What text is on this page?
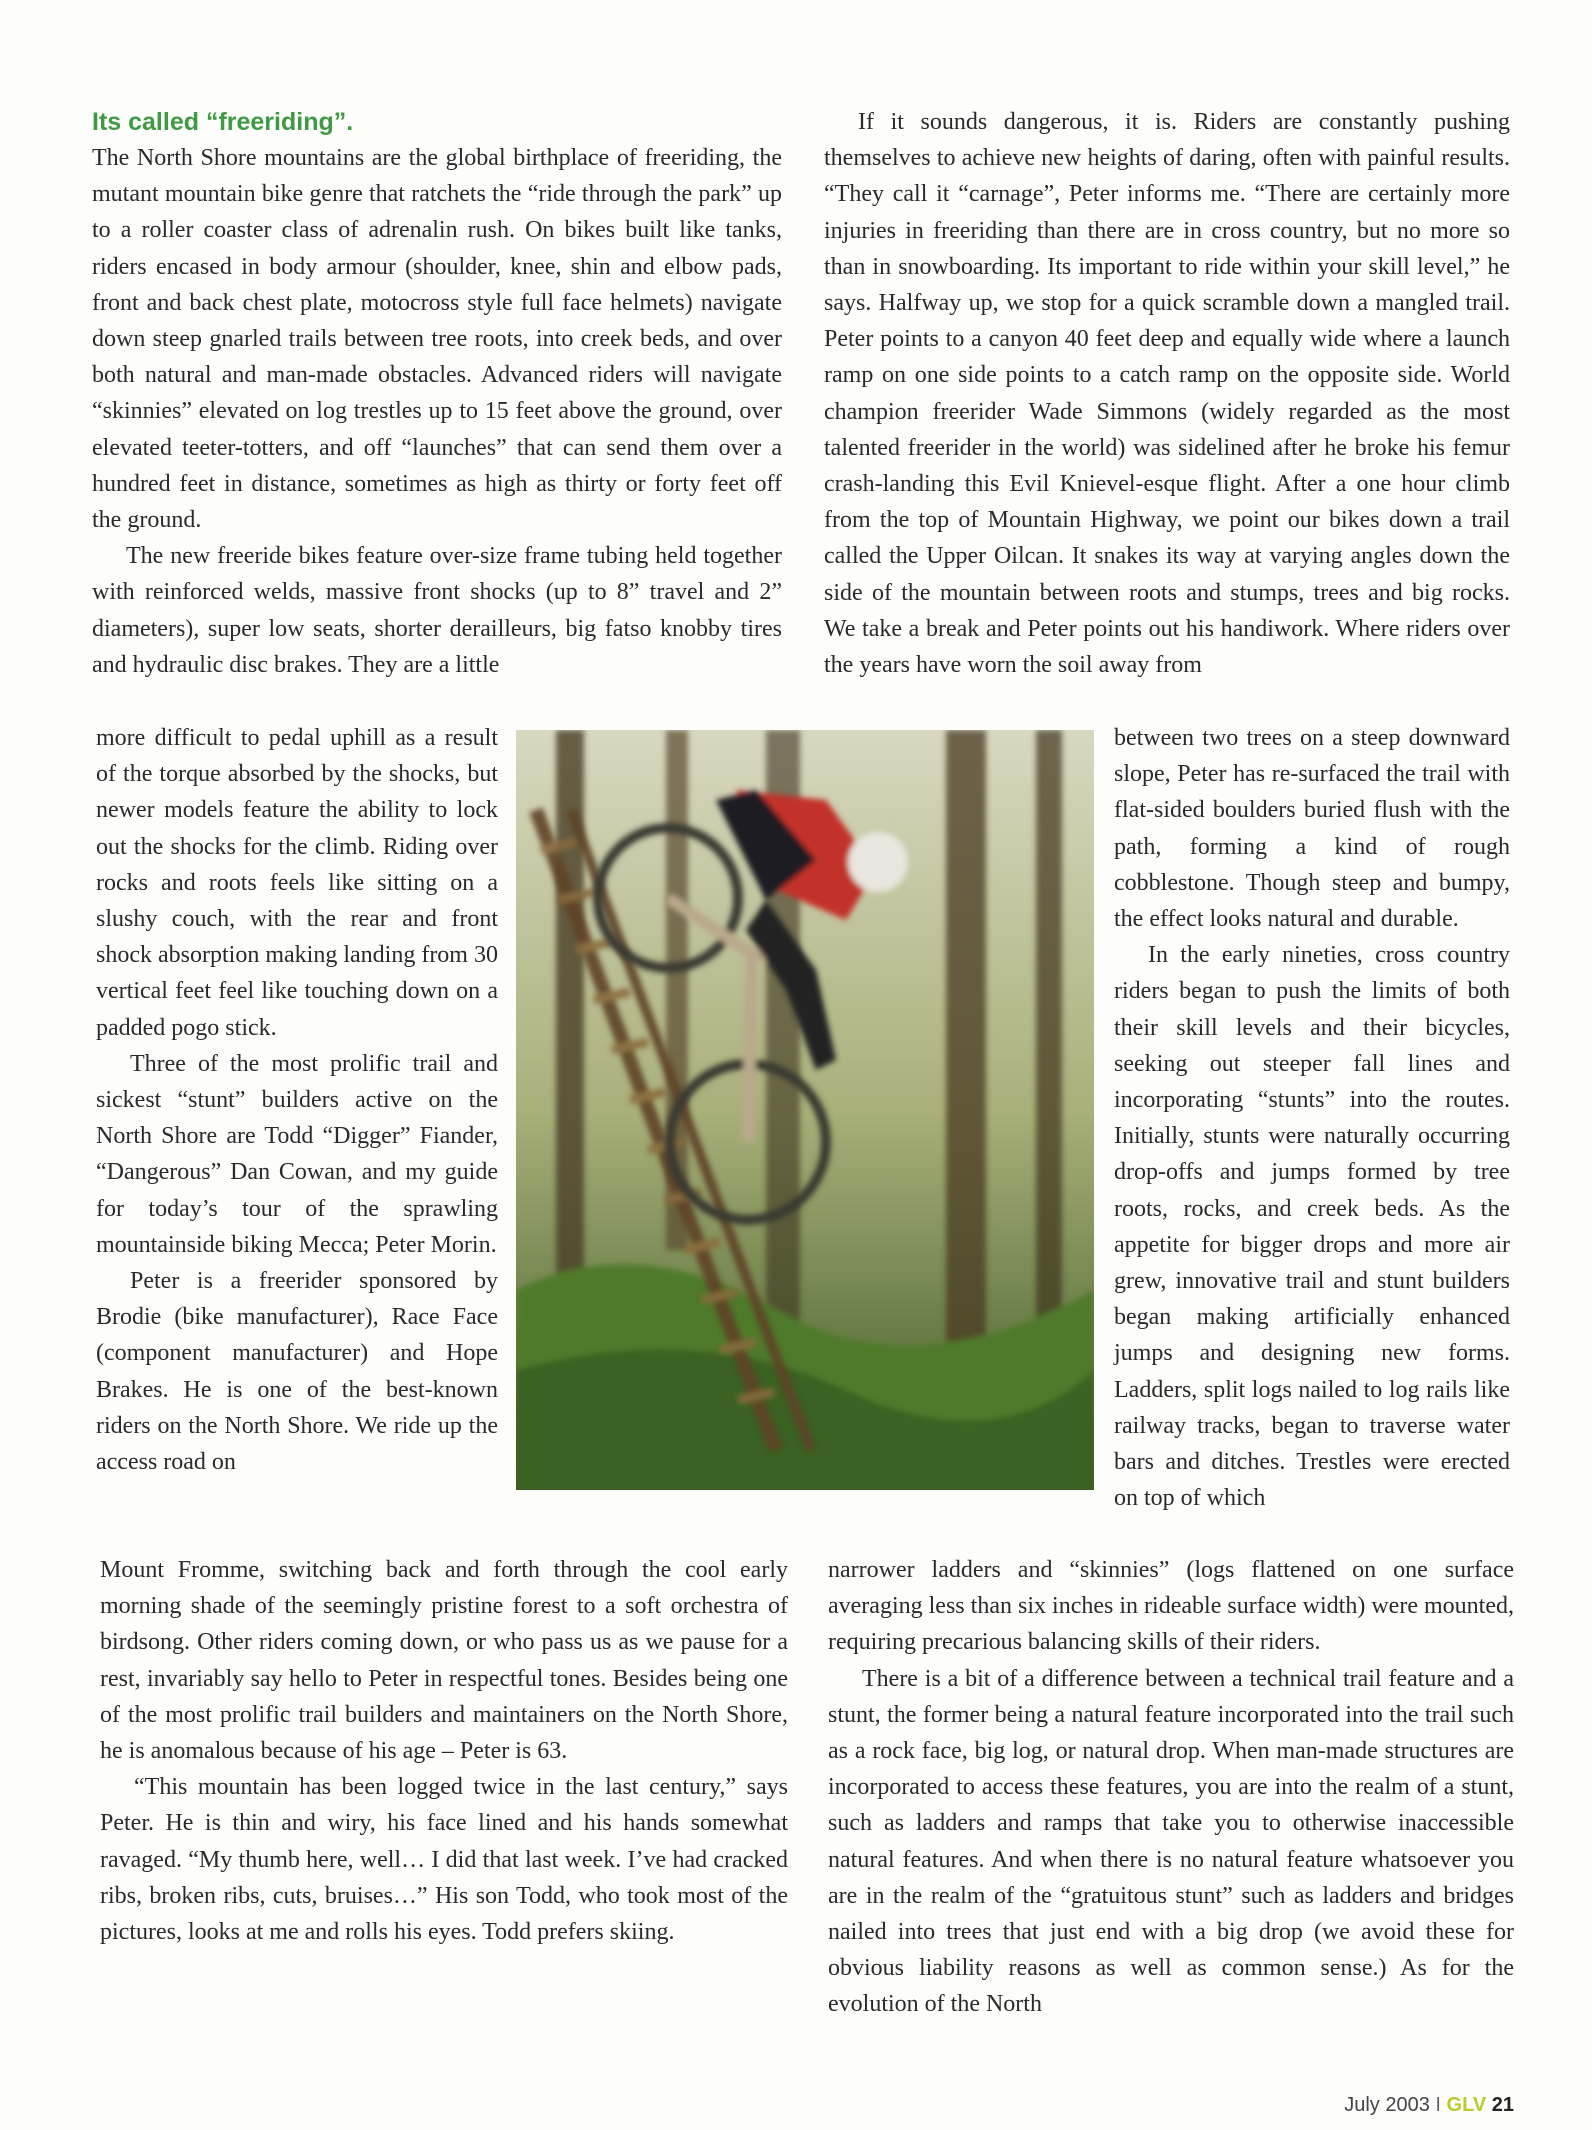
Its called “freeriding”.

The North Shore mountains are the global birthplace of freeriding, the mutant mountain bike genre that ratchets the “ride through the park” up to a roller coaster class of adrenalin rush. On bikes built like tanks, riders encased in body armour (shoulder, knee, shin and elbow pads, front and back chest plate, motocross style full face helmets) navigate down steep gnarled trails between tree roots, into creek beds, and over both natural and man-made obstacles. Advanced riders will navigate “skinnies” elevated on log trestles up to 15 feet above the ground, over elevated teeter-totters, and off “launches” that can send them over a hundred feet in distance, sometimes as high as thirty or forty feet off the ground.

The new freeride bikes feature over-size frame tubing held together with reinforced welds, massive front shocks (up to 8” travel and 2” diameters), super low seats, shorter derailleurs, big fatso knobby tires and hydraulic disc brakes. They are a little

more difficult to pedal uphill as a result of the torque absorbed by the shocks, but newer models feature the ability to lock out the shocks for the climb. Riding over rocks and roots feels like sitting on a slushy couch, with the rear and front shock absorption making landing from 30 vertical feet feel like touching down on a padded pogo stick.

Three of the most prolific trail and sickest “stunt” builders active on the North Shore are Todd “Digger” Fiander, “Dangerous” Dan Cowan, and my guide for today’s tour of the sprawling mountainside biking Mecca; Peter Morin.

Peter is a freerider sponsored by Brodie (bike manufacturer), Race Face (component manufacturer) and Hope Brakes. He is one of the best-known riders on the North Shore. We ride up the access road on

Mount Fromme, switching back and forth through the cool early morning shade of the seemingly pristine forest to a soft orchestra of birdsong. Other riders coming down, or who pass us as we pause for a rest, invariably say hello to Peter in respectful tones. Besides being one of the most prolific trail builders and maintainers on the North Shore, he is anomalous because of his age – Peter is 63.

“This mountain has been logged twice in the last century,” says Peter. He is thin and wiry, his face lined and his hands somewhat ravaged. “My thumb here, well… I did that last week. I’ve had cracked ribs, broken ribs, cuts, bruises…” His son Todd, who took most of the pictures, looks at me and rolls his eyes. Todd prefers skiing.

If it sounds dangerous, it is. Riders are constantly pushing themselves to achieve new heights of daring, often with painful results. “They call it “carnage”, Peter informs me. “There are certainly more injuries in freeriding than there are in cross country, but no more so than in snowboarding. Its important to ride within your skill level,” he says. Halfway up, we stop for a quick scramble down a mangled trail. Peter points to a canyon 40 feet deep and equally wide where a launch ramp on one side points to a catch ramp on the opposite side. World champion freerider Wade Simmons (widely regarded as the most talented freerider in the world) was sidelined after he broke his femur crash-landing this Evil Knievel-esque flight. After a one hour climb from the top of Mountain Highway, we point our bikes down a trail called the Upper Oilcan. It snakes its way at varying angles down the side of the mountain between roots and stumps, trees and big rocks. We take a break and Peter points out his handiwork. Where riders over the years have worn the soil away from

between two trees on a steep downward slope, Peter has re-surfaced the trail with flat-sided boulders buried flush with the path, forming a kind of rough cobblestone. Though steep and bumpy, the effect looks natural and durable.

In the early nineties, cross country riders began to push the limits of both their skill levels and their bicycles, seeking out steeper fall lines and incorporating “stunts” into the routes. Initially, stunts were naturally occurring drop-offs and jumps formed by tree roots, rocks, and creek beds. As the appetite for bigger drops and more air grew, innovative trail and stunt builders began making artificially enhanced jumps and designing new forms. Ladders, split logs nailed to log rails like railway tracks, began to traverse water bars and ditches. Trestles were erected on top of which

narrower ladders and “skinnies” (logs flattened on one surface averaging less than six inches in rideable surface width) were mounted, requiring precarious balancing skills of their riders.

There is a bit of a difference between a technical trail feature and a stunt, the former being a natural feature incorporated into the trail such as a rock face, big log, or natural drop. When man-made structures are incorporated to access these features, you are into the realm of a stunt, such as ladders and ramps that take you to otherwise inaccessible natural features. And when there is no natural feature whatsoever you are in the realm of the “gratuitous stunt” such as ladders and bridges nailed into trees that just end with a big drop (we avoid these for obvious liability reasons as well as common sense.) As for the evolution of the North

July 2003 I GLV 21
